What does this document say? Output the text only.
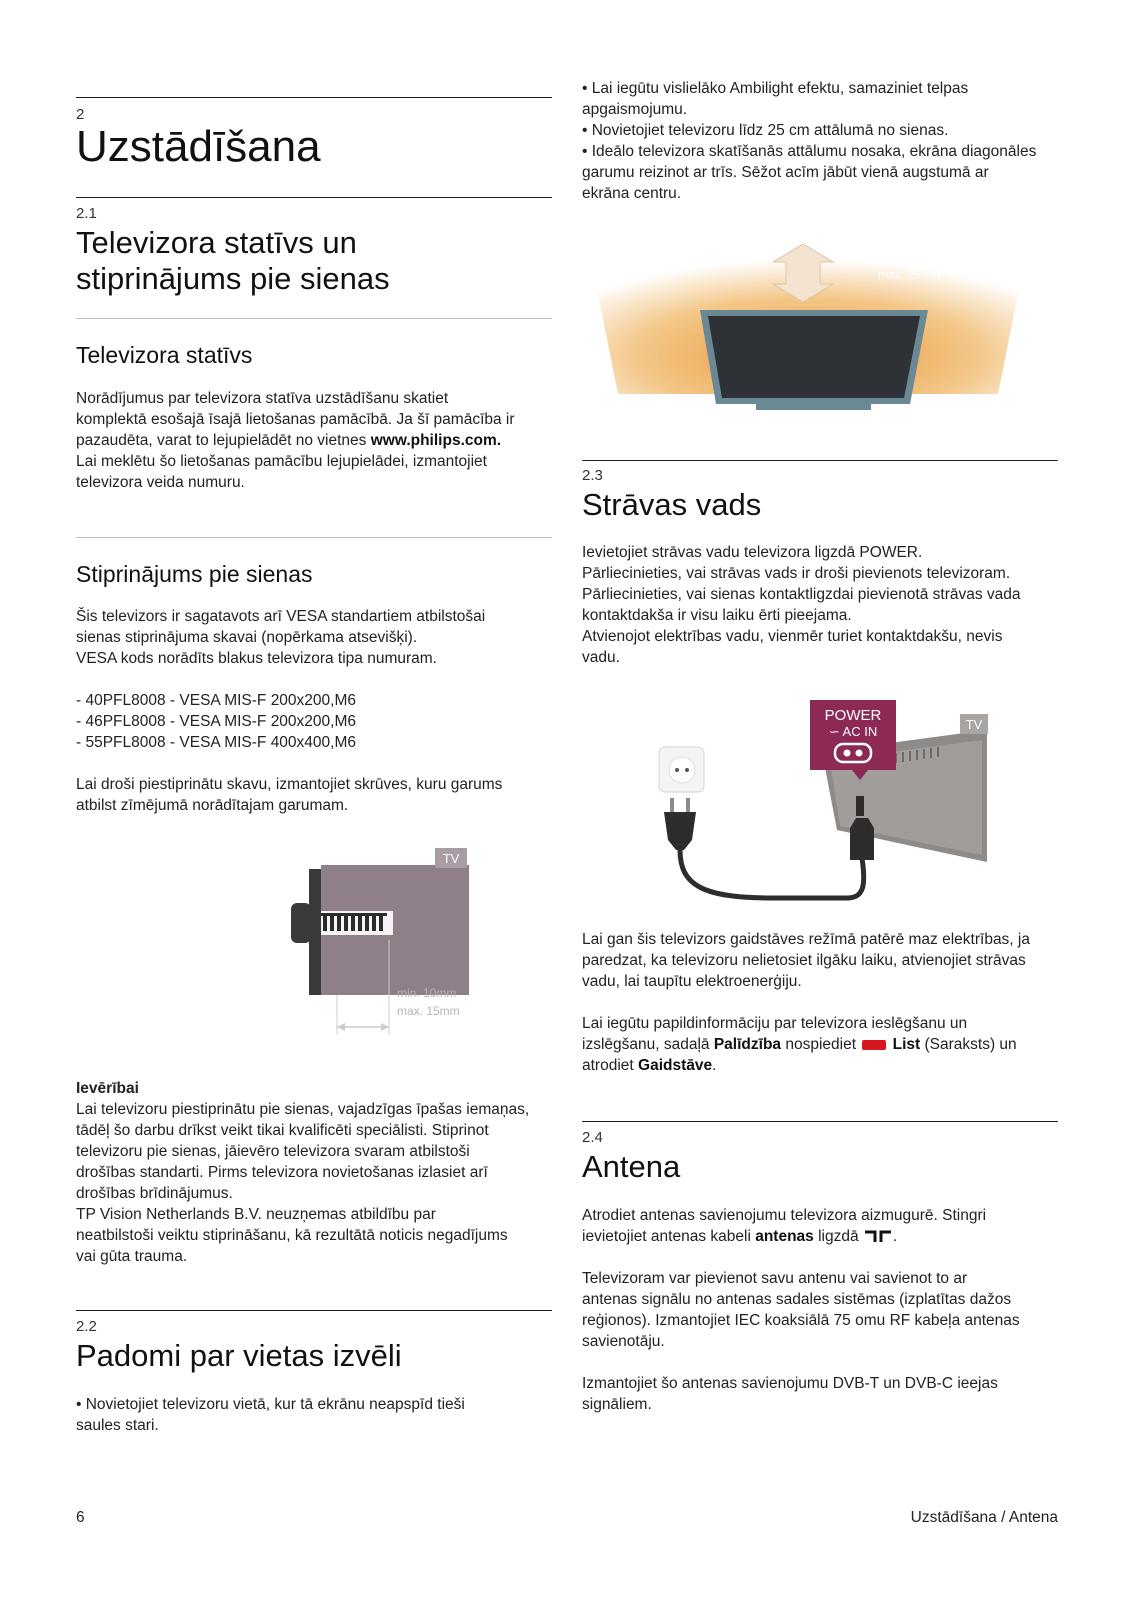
2
Uzstādīšana
2.1
Televizora statīvs un
stiprinājums pie sienas
Televizora statīvs

Norādījumus par televizora statīva uzstādīšanu skatiet

komplektā esošajā īsajā lietošanas pamācībā. Ja šī pamācība ir

pazaudēta, varat to lejupielādēt no vietnes www.philips.com.

Lai meklētu šo lietošanas pamācību lejupielādei, izmantojiet

televizora veida numuru.

Stiprinājums pie sienas

Šis televizors ir sagatavots arī VESA standartiem atbilstošai

sienas stiprinājuma skavai (nopērkama atsevišķi).

VESA kods norādīts blakus televizora tipa numuram.

- 40PFL8008 - VESA MIS-F 200x200,M6

- 46PFL8008 - VESA MIS-F 200x200,M6

- 55PFL8008 - VESA MIS-F 400x400,M6

Lai droši piestiprinātu skavu, izmantojiet skrūves, kuru garums

atbilst zīmējumā norādītajam garumam.

TV
min. 10mm
max. 15mm

Ievērībai

Lai televizoru piestiprinātu pie sienas, vajadzīgas īpašas iemaņas,

tādēļ šo darbu drīkst veikt tikai kvalificēti speciālisti. Stiprinot

televizoru pie sienas, jāievēro televizora svaram atbilstoši

drošības standarti. Pirms televizora novietošanas izlasiet arī

drošības brīdinājumus.

TP Vision Netherlands B.V. neuzņemas atbildību par

neatbilstoši veiktu stiprināšanu, kā rezultātā noticis negadījums

vai gūta trauma.

2.2
Padomi par vietas izvēli

• Novietojiet televizoru vietā, kur tā ekrānu neapspīd tieši

saules stari.

• Lai iegūtu vislielāko Ambilight efektu, samaziniet telpas

apgaismojumu.

• Novietojiet televizoru līdz 25 cm attālumā no sienas.

• Ideālo televizora skatīšanās attālumu nosaka, ekrāna diagonāles

garumu reizinot ar trīs. Sēžot acīm jābūt vienā augstumā ar

ekrāna centru.

max. 25 cm
2.3
Strāvas vads

Ievietojiet strāvas vadu televizora ligzdā POWER.

Pārliecinieties, vai strāvas vads ir droši pievienots televizoram.

Pārliecinieties, vai sienas kontaktligzdai pievienotā strāvas vada

kontaktdakša ir visu laiku ērti pieejama.

Atvienojot elektrības vadu, vienmēr turiet kontaktdakšu, nevis

vadu.

TV
POWER
∽ AC IN

Lai gan šis televizors gaidstāves režīmā patērē maz elektrības, ja

paredzat, ka televizoru nelietosiet ilgāku laiku, atvienojiet strāvas

vadu, lai taupītu elektroenerģiju.

Lai iegūtu papildinformāciju par televizora ieslēgšanu un

izslēgšanu, sadaļā Palīdzība nospiediet  List (Saraksts) un

atrodiet Gaidstāve.

2.4
Antena

Atrodiet antenas savienojumu televizora aizmugurē. Stingri

ievietojiet antenas kabeli antenas ligzdā .

Televizoram var pievienot savu antenu vai savienot to ar

antenas signālu no antenas sadales sistēmas (izplatītas dažos

reģionos). Izmantojiet IEC koaksiālā 75 omu RF kabeļa antenas

savienotāju.

Izmantojiet šo antenas savienojumu DVB-T un DVB-C ieejas

signāliem.

6	Uzstādīšana / Antena
